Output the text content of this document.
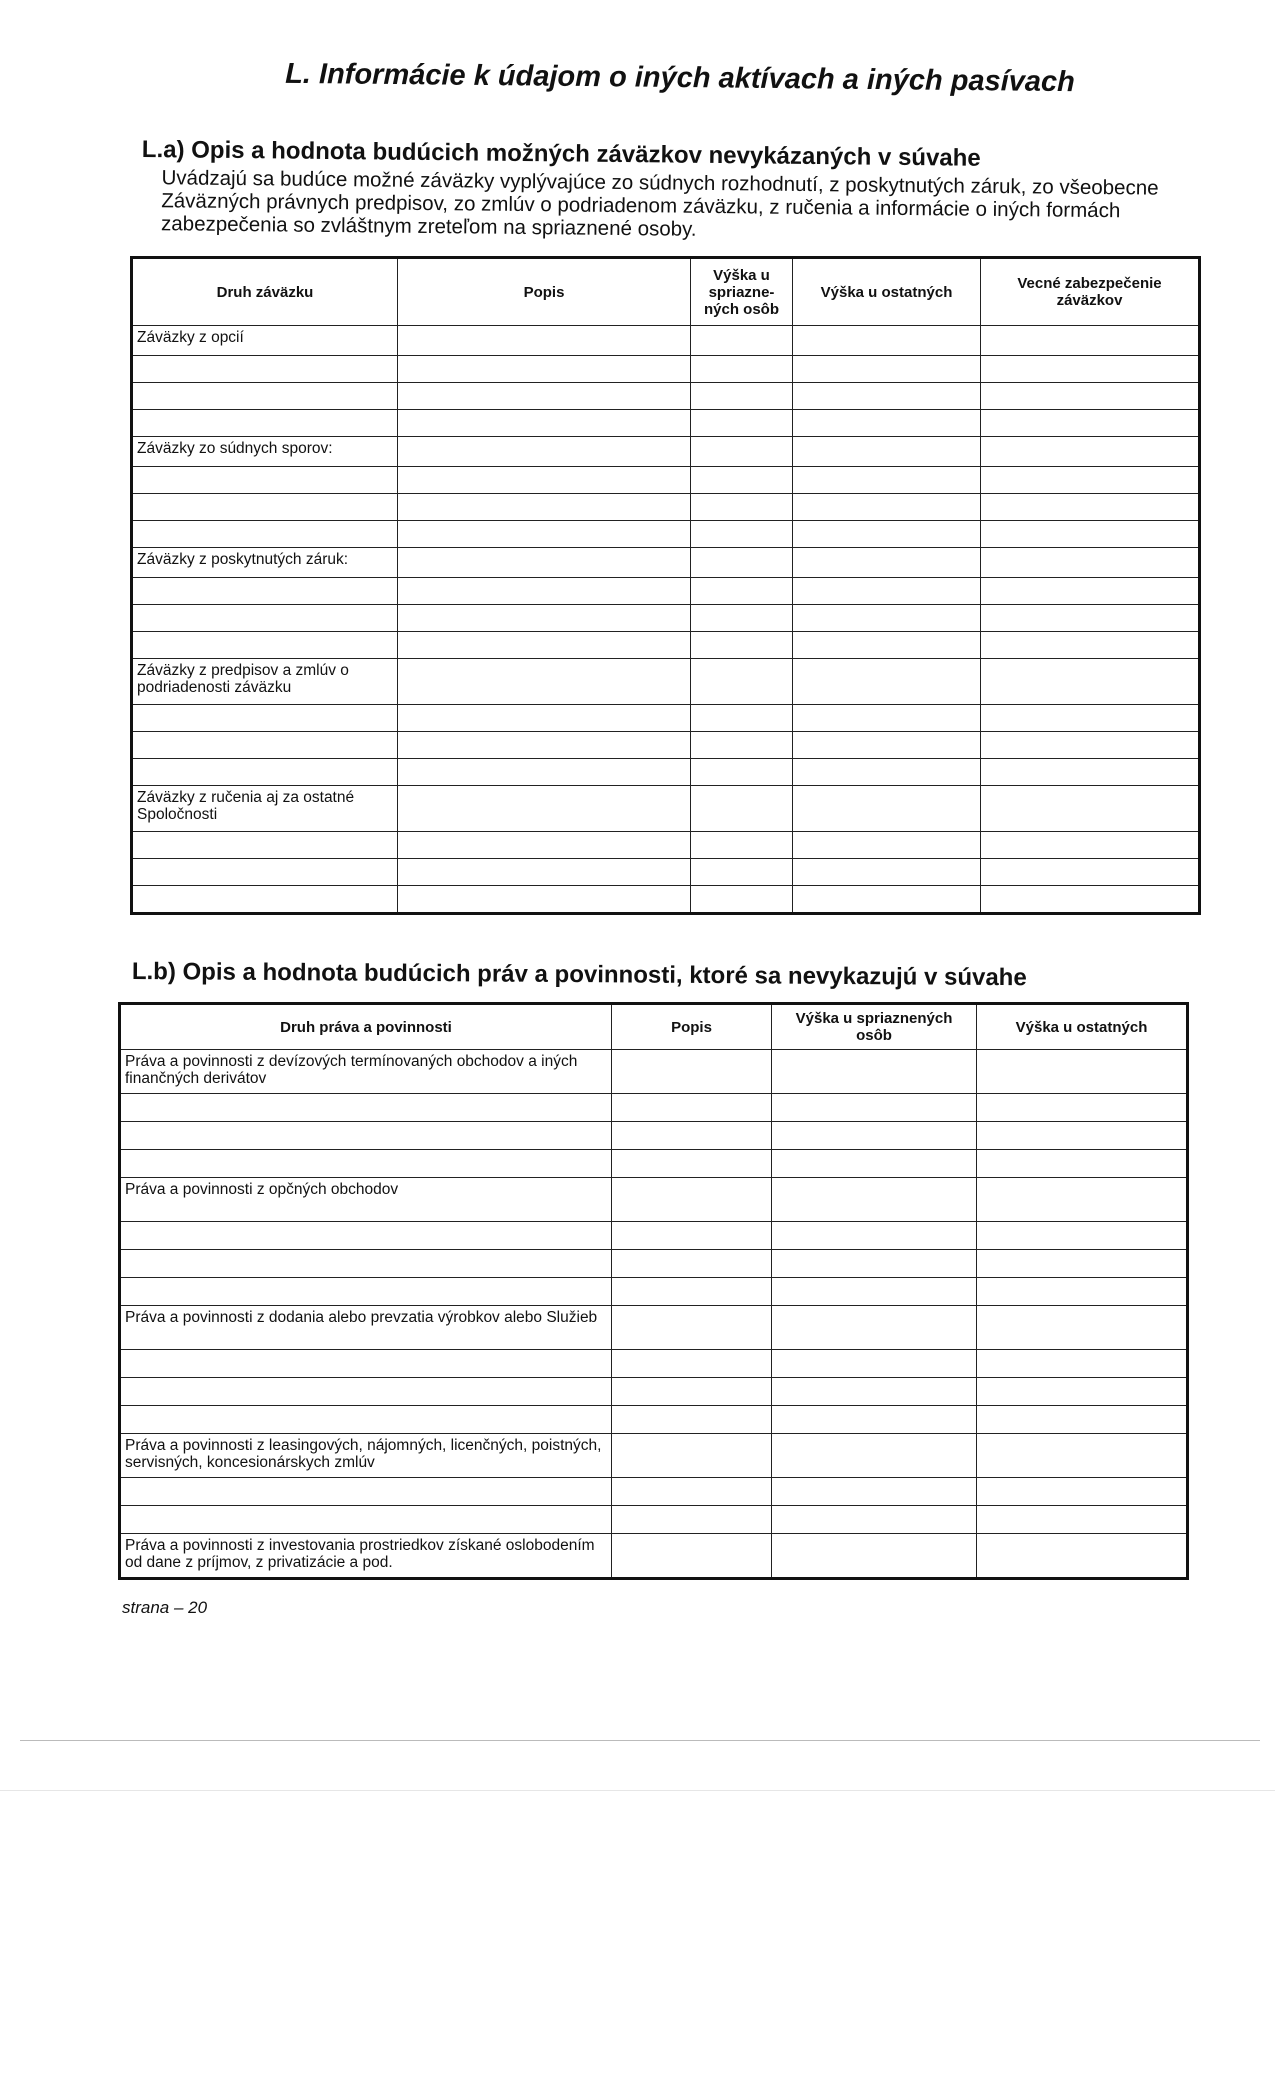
L. Informácie k údajom o iných aktívach a iných pasívach
L.a) Opis a hodnota budúcich možných záväzkov nevykázaných v súvahe
Uvádzajú sa budúce možné záväzky vyplývajúce zo súdnych rozhodnutí, z poskytnutých záruk, zo všeobecne Záväzných právnych predpisov, zo zmlúv o podriadenom záväzku, z ručenia a informácie o iných formách zabezpečenia so zvláštnym zreteľom na spriaznené osoby.
Druh záväzku	Popis	Výška u spriazne-ných osôb	Výška u ostatných	Vecné zabezpečenie záväzkov
Záväzky z opcií				

Záväzky zo súdnych sporov:				

Záväzky z poskytnutých záruk:				

Záväzky z predpisov a zmlúv o podriadenosti záväzku				

Záväzky z ručenia aj za ostatné Spoločnosti				

L.b) Opis a hodnota budúcich práv a povinnosti, ktoré sa nevykazujú v súvahe
Druh práva a povinnosti	Popis	Výška u spriaznených osôb	Výška u ostatných
Práva a povinnosti z devízových termínovaných obchodov a iných finančných derivátov			

Práva a povinnosti z opčných obchodov			

Práva a povinnosti z dodania alebo prevzatia výrobkov alebo Služieb			

Práva a povinnosti z leasingových, nájomných, licenčných, poistných, servisných, koncesionárskych zmlúv			

Práva a povinnosti z investovania prostriedkov získané oslobodením od dane z príjmov, z privatizácie a pod.			
strana – 20
